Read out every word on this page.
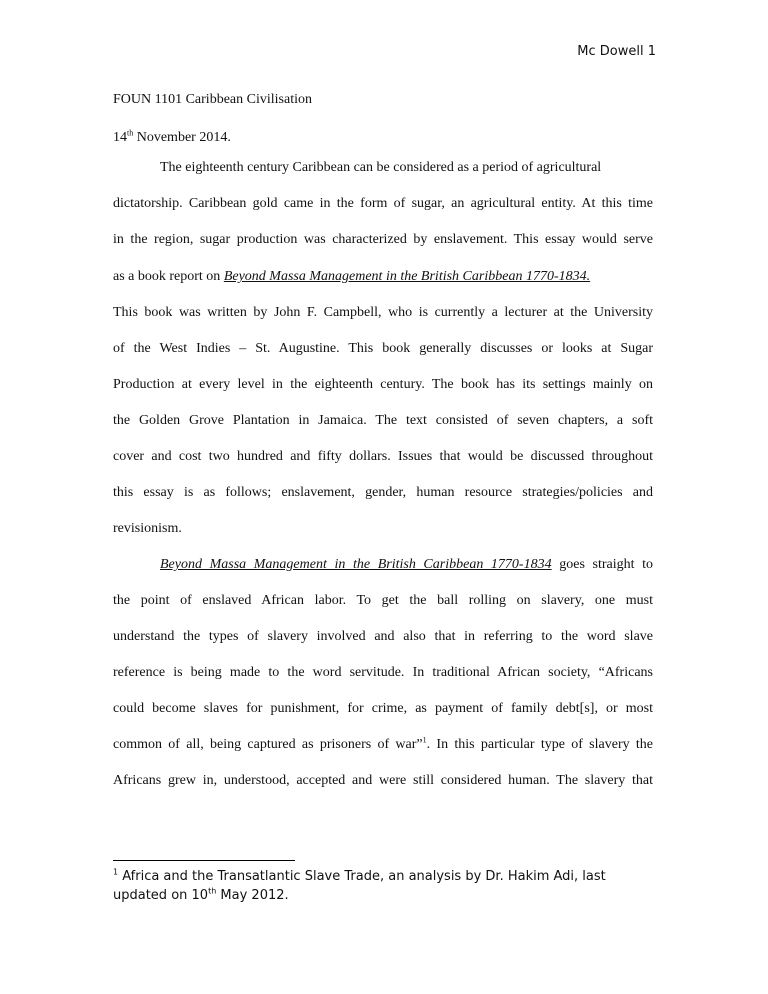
Mc Dowell 1
FOUN 1101 Caribbean Civilisation
14th November 2014.
The eighteenth century Caribbean can be considered as a period of agricultural
dictatorship. Caribbean gold came in the form of sugar, an agricultural entity. At this time
in the region, sugar production was characterized by enslavement. This essay would serve
as a book report on Beyond Massa Management in the British Caribbean 1770-1834.
This book was written by John F. Campbell, who is currently a lecturer at the University
of the West Indies – St. Augustine. This book generally discusses or looks at Sugar
Production at every level in the eighteenth century. The book has its settings mainly on
the Golden Grove Plantation in Jamaica. The text consisted of seven chapters, a soft
cover and cost two hundred and fifty dollars. Issues that would be discussed throughout
this essay is as follows; enslavement, gender, human resource strategies/policies and
revisionism.
Beyond Massa Management in the British Caribbean 1770-1834 goes straight to
the point of enslaved African labor. To get the ball rolling on slavery, one must
understand the types of slavery involved and also that in referring to the word slave
reference is being made to the word servitude. In traditional African society, “Africans
could become slaves for punishment, for crime, as payment of family debt[s], or most
common of all, being captured as prisoners of war”$^1$. In this particular type of slavery the
Africans grew in, understood, accepted and were still considered human. The slavery that
$^1$ Africa and the Transatlantic Slave Trade, an analysis by Dr. Hakim Adi, last
updated on 10th May 2012.
